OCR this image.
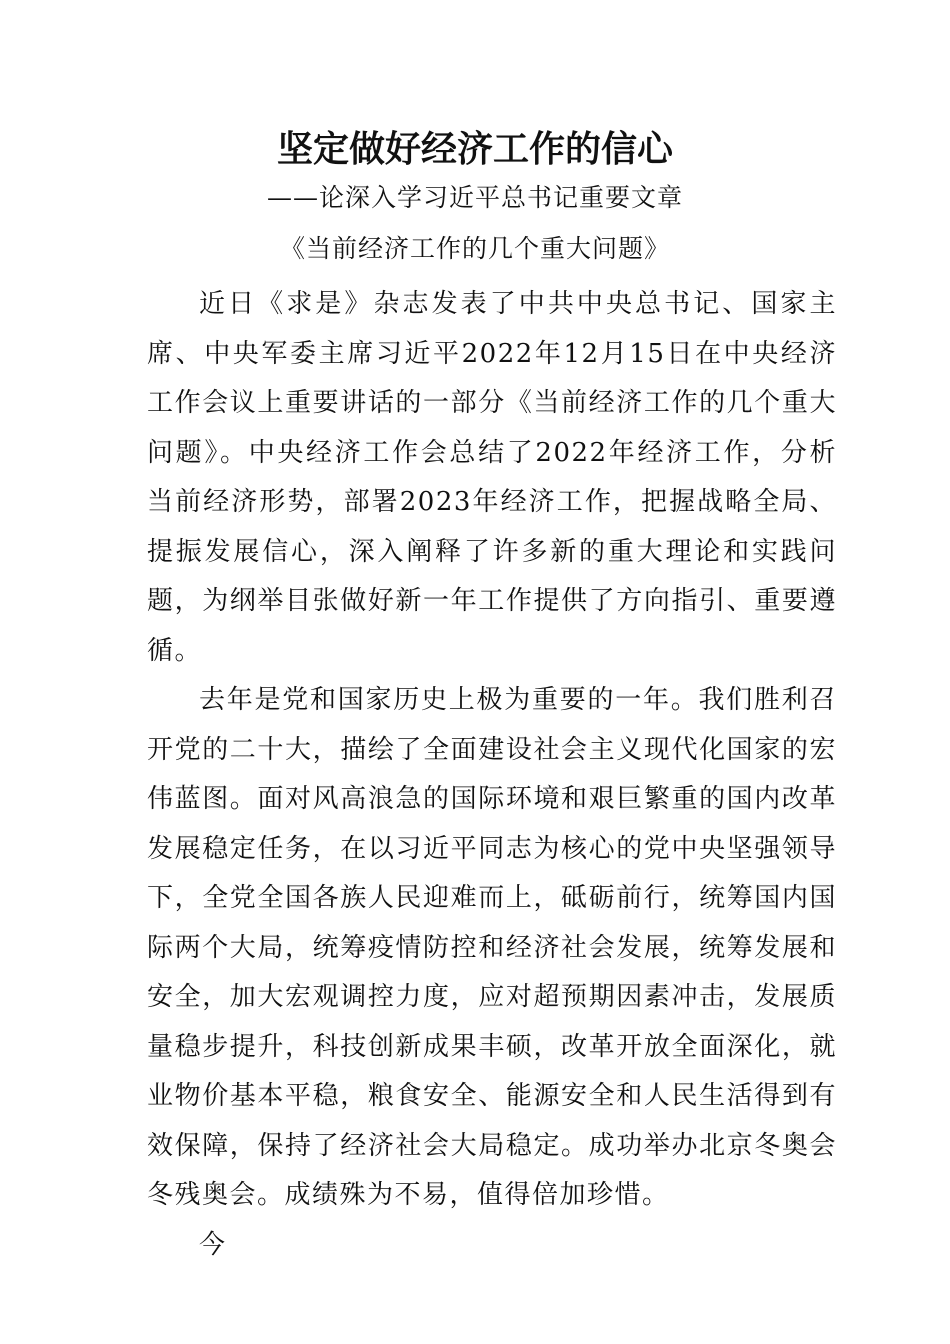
坚定做好经济工作的信心
——论深入学习近平总书记重要文章
《当前经济工作的几个重大问题》

近日《求是》杂志发表了中共中央总书记、国家主席、中央军委主席习近平2022年12月15日在中央经济工作会议上重要讲话的一部分《当前经济工作的几个重大问题》。中央经济工作会总结了2022年经济工作，分析当前经济形势，部署2023年经济工作，把握战略全局、提振发展信心，深入阐释了许多新的重大理论和实践问题，为纲举目张做好新一年工作提供了方向指引、重要遵循。

去年是党和国家历史上极为重要的一年。我们胜利召开党的二十大，描绘了全面建设社会主义现代化国家的宏伟蓝图。面对风高浪急的国际环境和艰巨繁重的国内改革发展稳定任务，在以习近平同志为核心的党中央坚强领导下，全党全国各族人民迎难而上，砥砺前行，统筹国内国际两个大局，统筹疫情防控和经济社会发展，统筹发展和安全，加大宏观调控力度，应对超预期因素冲击，发展质量稳步提升，科技创新成果丰硕，改革开放全面深化，就业物价基本平稳，粮食安全、能源安全和人民生活得到有效保障，保持了经济社会大局稳定。成功举办北京冬奥会冬残奥会。成绩殊为不易，值得倍加珍惜。

今
